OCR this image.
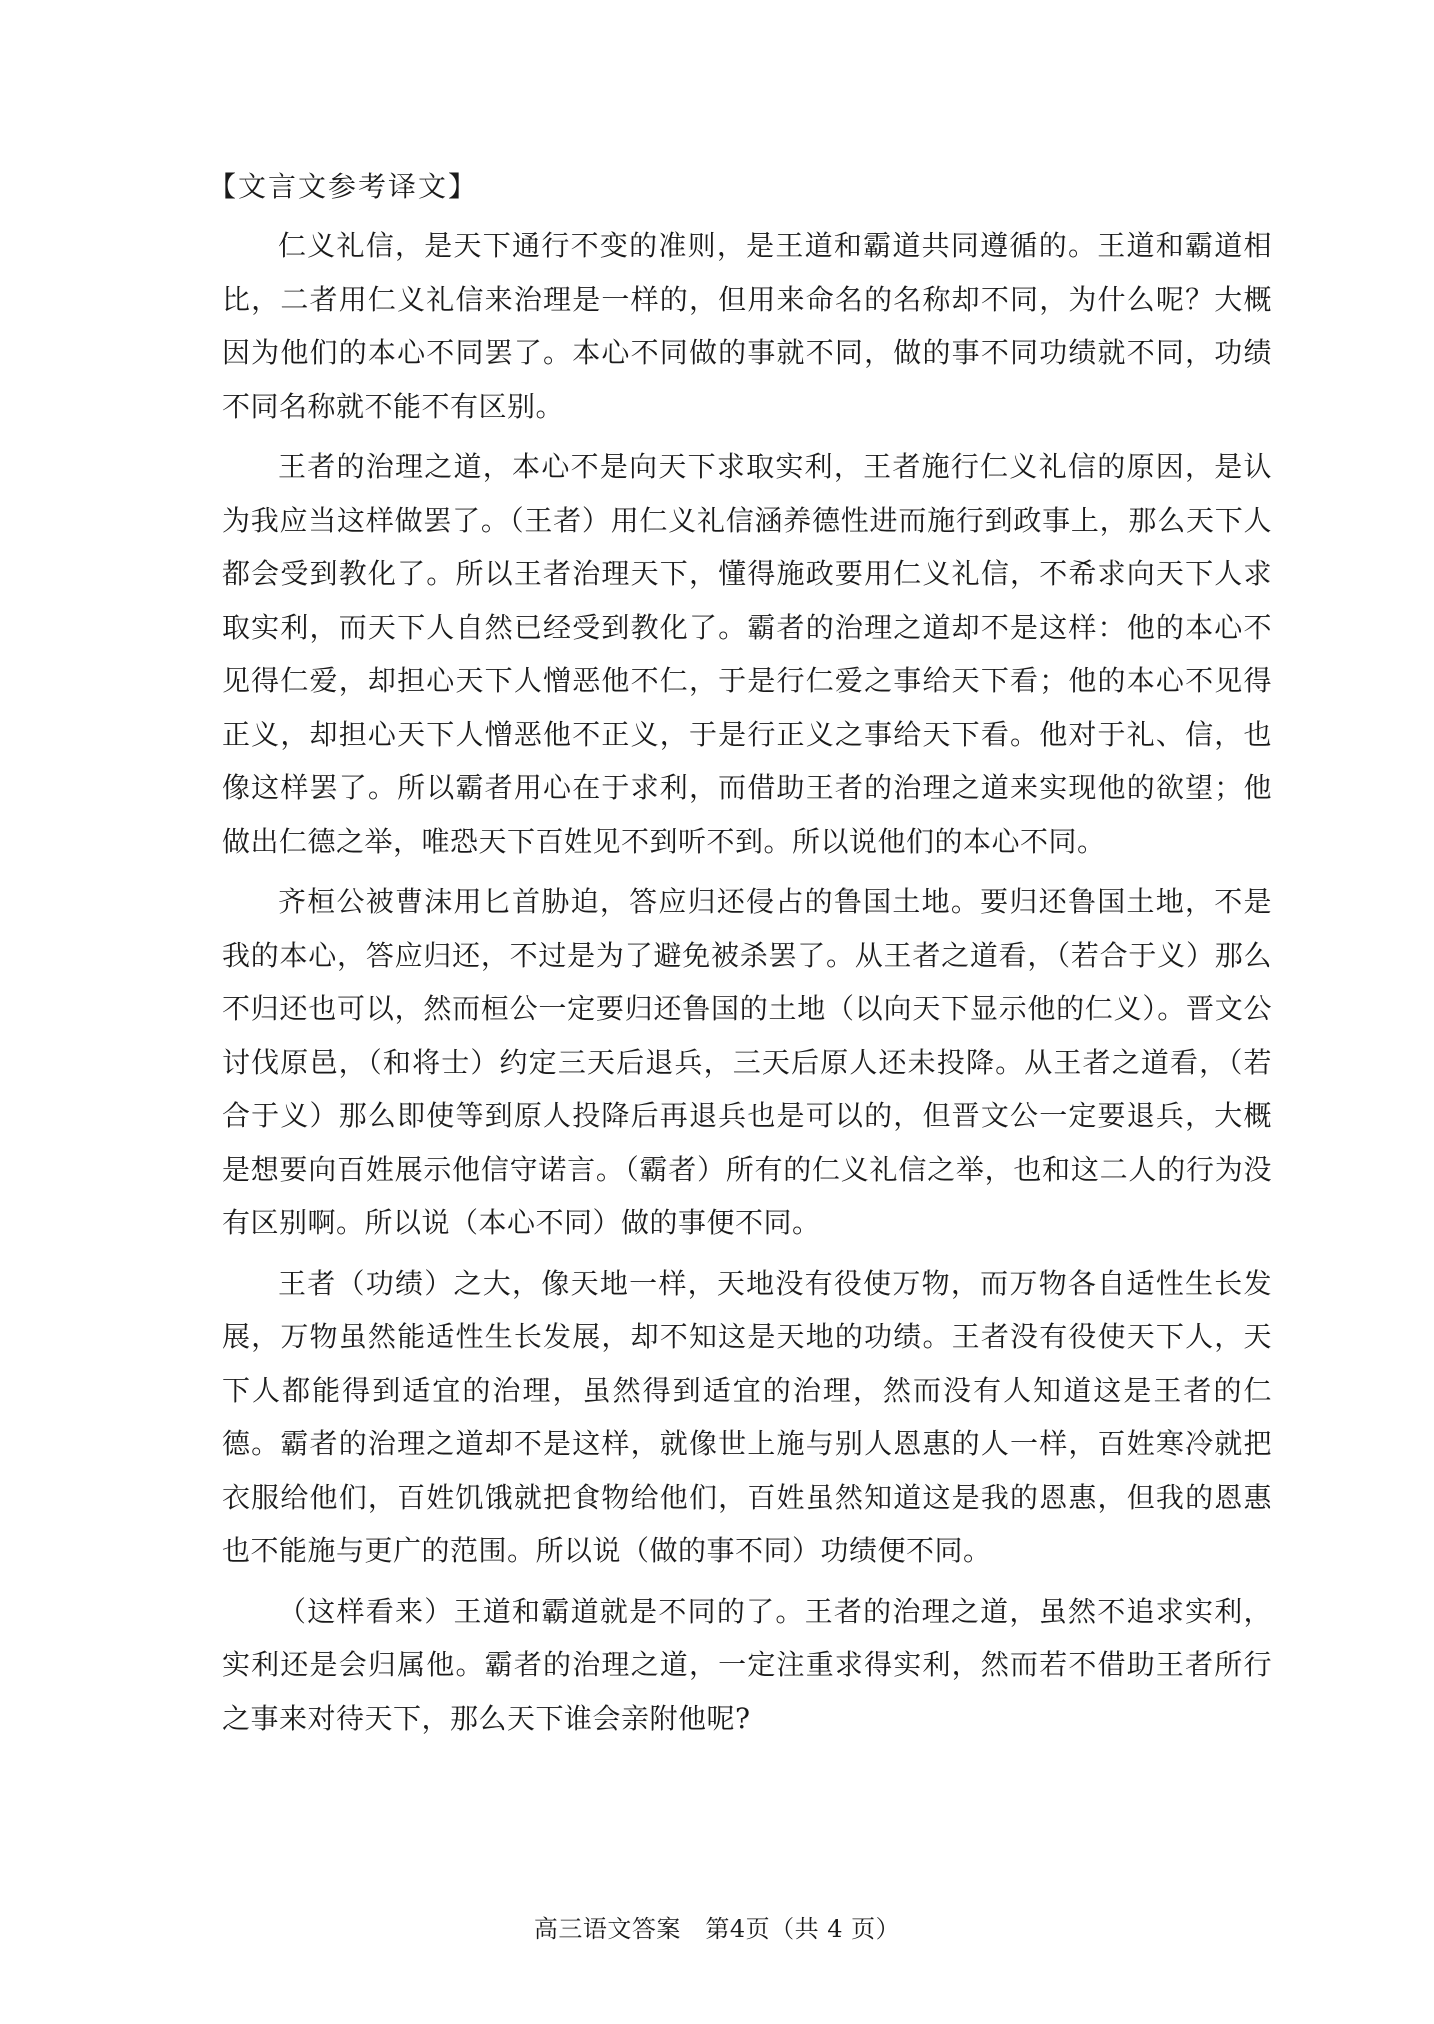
【文言文参考译文】

仁义礼信，是天下通行不变的准则，是王道和霸道共同遵循的。王道和霸道相比，二者用仁义礼信来治理是一样的，但用来命名的名称却不同，为什么呢？大概因为他们的本心不同罢了。本心不同做的事就不同，做的事不同功绩就不同，功绩不同名称就不能不有区别。

王者的治理之道，本心不是向天下求取实利，王者施行仁义礼信的原因，是认为我应当这样做罢了。（王者）用仁义礼信涵养德性进而施行到政事上，那么天下人都会受到教化了。所以王者治理天下，懂得施政要用仁义礼信，不希求向天下人求取实利，而天下人自然已经受到教化了。霸者的治理之道却不是这样：他的本心不见得仁爱，却担心天下人憎恶他不仁，于是行仁爱之事给天下看；他的本心不见得正义，却担心天下人憎恶他不正义，于是行正义之事给天下看。他对于礼、信，也像这样罢了。所以霸者用心在于求利，而借助王者的治理之道来实现他的欲望；他做出仁德之举，唯恐天下百姓见不到听不到。所以说他们的本心不同。

齐桓公被曹沫用匕首胁迫，答应归还侵占的鲁国土地。要归还鲁国土地，不是我的本心，答应归还，不过是为了避免被杀罢了。从王者之道看，（若合于义）那么不归还也可以，然而桓公一定要归还鲁国的土地（以向天下显示他的仁义）。晋文公讨伐原邑，（和将士）约定三天后退兵，三天后原人还未投降。从王者之道看，（若合于义）那么即使等到原人投降后再退兵也是可以的，但晋文公一定要退兵，大概是想要向百姓展示他信守诺言。（霸者）所有的仁义礼信之举，也和这二人的行为没有区别啊。所以说（本心不同）做的事便不同。

王者（功绩）之大，像天地一样，天地没有役使万物，而万物各自适性生长发展，万物虽然能适性生长发展，却不知这是天地的功绩。王者没有役使天下人，天下人都能得到适宜的治理，虽然得到适宜的治理，然而没有人知道这是王者的仁德。霸者的治理之道却不是这样，就像世上施与别人恩惠的人一样，百姓寒冷就把衣服给他们，百姓饥饿就把食物给他们，百姓虽然知道这是我的恩惠，但我的恩惠也不能施与更广的范围。所以说（做的事不同）功绩便不同。

（这样看来）王道和霸道就是不同的了。王者的治理之道，虽然不追求实利，实利还是会归属他。霸者的治理之道，一定注重求得实利，然而若不借助王者所行之事来对待天下，那么天下谁会亲附他呢?

高三语文答案　第4页（共 4 页）
